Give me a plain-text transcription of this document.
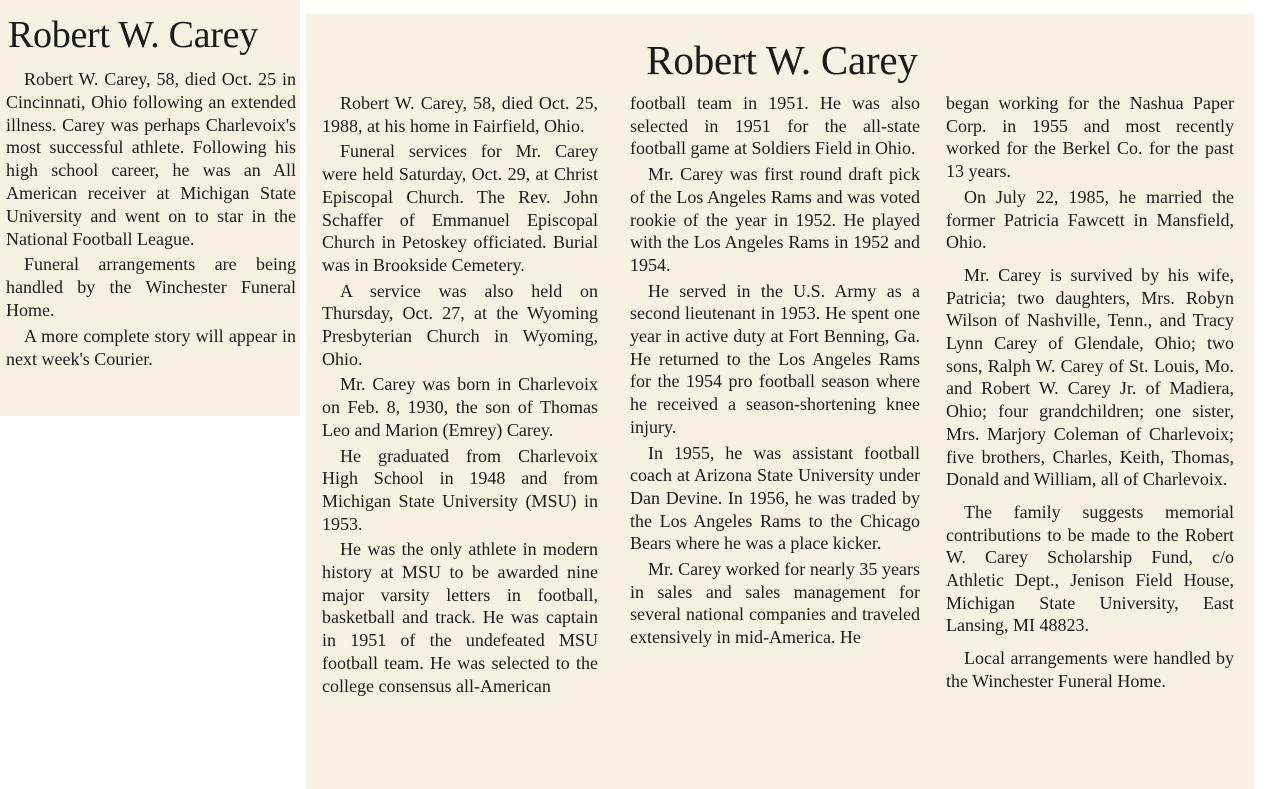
Robert W. Carey

Robert W. Carey, 58, died Oct. 25 in Cincinnati, Ohio following an extended illness. Carey was perhaps Charlevoix's most successful athlete. Following his high school career, he was an All American receiver at Michigan State University and went on to star in the National Football League.

Funeral arrangements are being handled by the Winchester Funeral Home.

A more complete story will appear in next week's Courier.

Robert W. Carey

Robert W. Carey, 58, died Oct. 25, 1988, at his home in Fairfield, Ohio.

Funeral services for Mr. Carey were held Saturday, Oct. 29, at Christ Episcopal Church. The Rev. John Schaffer of Emmanuel Episcopal Church in Petoskey officiated. Burial was in Brookside Cemetery.

A service was also held on Thursday, Oct. 27, at the Wyoming Presbyterian Church in Wyoming, Ohio.

Mr. Carey was born in Charlevoix on Feb. 8, 1930, the son of Thomas Leo and Marion (Emrey) Carey.

He graduated from Charlevoix High School in 1948 and from Michigan State University (MSU) in 1953.

He was the only athlete in modern history at MSU to be awarded nine major varsity letters in football, basketball and track. He was captain in 1951 of the undefeated MSU football team. He was selected to the college consensus all-American

football team in 1951. He was also selected in 1951 for the all-state football game at Soldiers Field in Ohio.

Mr. Carey was first round draft pick of the Los Angeles Rams and was voted rookie of the year in 1952. He played with the Los Angeles Rams in 1952 and 1954.

He served in the U.S. Army as a second lieutenant in 1953. He spent one year in active duty at Fort Benning, Ga. He returned to the Los Angeles Rams for the 1954 pro football season where he received a season-shortening knee injury.

In 1955, he was assistant football coach at Arizona State University under Dan Devine. In 1956, he was traded by the Los Angeles Rams to the Chicago Bears where he was a place kicker.

Mr. Carey worked for nearly 35 years in sales and sales management for several national companies and traveled extensively in mid-America. He

began working for the Nashua Paper Corp. in 1955 and most recently worked for the Berkel Co. for the past 13 years.

On July 22, 1985, he married the former Patricia Fawcett in Mansfield, Ohio.

Mr. Carey is survived by his wife, Patricia; two daughters, Mrs. Robyn Wilson of Nashville, Tenn., and Tracy Lynn Carey of Glendale, Ohio; two sons, Ralph W. Carey of St. Louis, Mo. and Robert W. Carey Jr. of Madiera, Ohio; four grandchildren; one sister, Mrs. Marjory Coleman of Charlevoix; five brothers, Charles, Keith, Thomas, Donald and William, all of Charlevoix.

The family suggests memorial contributions to be made to the Robert W. Carey Scholarship Fund, c/o Athletic Dept., Jenison Field House, Michigan State University, East Lansing, MI 48823.

Local arrangements were handled by the Winchester Funeral Home.
